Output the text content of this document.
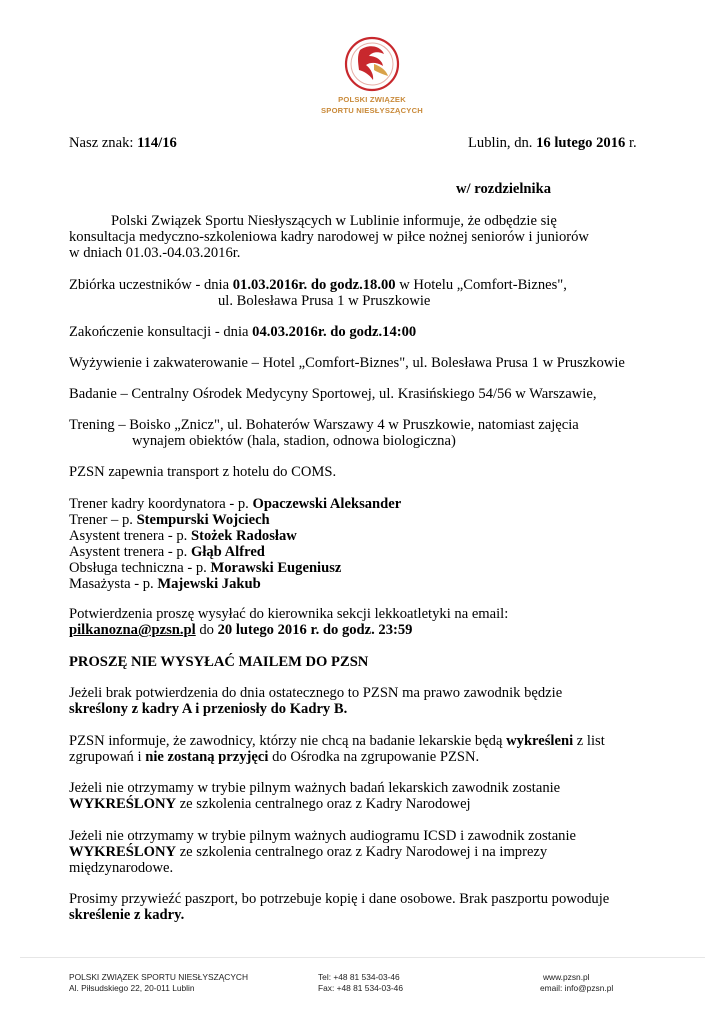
POLSKI ZWIĄZEK
SPORTU NIESŁYSZĄCYCH
Nasz znak: 114/16	Lublin, dn. 16 lutego 2016 r.
w/ rozdzielnika
Polski Związek Sportu Niesłyszących w Lublinie informuje, że odbędzie się
konsultacja medyczno-szkoleniowa kadry narodowej w piłce nożnej seniorów i juniorów
w dniach 01.03.-04.03.2016r.
Zbiórka uczestników - dnia 01.03.2016r. do godz.18.00 w Hotelu „Comfort-Biznes",
ul. Bolesława Prusa 1 w Pruszkowie
Zakończenie konsultacji - dnia 04.03.2016r. do godz.14:00
Wyżywienie i zakwaterowanie – Hotel „Comfort-Biznes", ul. Bolesława Prusa 1 w Pruszkowie
Badanie – Centralny Ośrodek Medycyny Sportowej, ul. Krasińskiego 54/56 w Warszawie,
Trening – Boisko „Znicz", ul. Bohaterów Warszawy 4 w Pruszkowie, natomiast zajęcia
wynajem obiektów (hala, stadion, odnowa biologiczna)
PZSN zapewnia transport z hotelu do COMS.
Trener kadry koordynatora - p. Opaczewski Aleksander
Trener – p. Stempurski Wojciech
Asystent trenera - p. Stożek Radosław
Asystent trenera - p. Głąb Alfred
Obsługa techniczna - p. Morawski Eugeniusz
Masażysta - p. Majewski Jakub
Potwierdzenia proszę wysyłać do kierownika sekcji lekkoatletyki na email:
pilkanozna@pzsn.pl do 20 lutego 2016 r. do godz. 23:59
PROSZĘ NIE WYSYŁAĆ MAILEM DO PZSN
Jeżeli brak potwierdzenia do dnia ostatecznego to PZSN ma prawo zawodnik będzie
skreślony z kadry A i przeniosły do Kadry B.
PZSN informuje, że zawodnicy, którzy nie chcą na badanie lekarskie będą wykreśleni z list
zgrupowań i nie zostaną przyjęci do Ośrodka na zgrupowanie PZSN.
Jeżeli nie otrzymamy w trybie pilnym ważnych badań lekarskich zawodnik zostanie
WYKREŚLONY ze szkolenia centralnego oraz z Kadry Narodowej
Jeżeli nie otrzymamy w trybie pilnym ważnych audiogramu ICSD i zawodnik zostanie
WYKREŚLONY ze szkolenia centralnego oraz z Kadry Narodowej i na imprezy
międzynarodowe.
Prosimy przywieźć paszport, bo potrzebuje kopię i dane osobowe. Brak paszportu powoduje
skreślenie z kadry.
POLSKI ZWIĄZEK SPORTU NIESŁYSZĄCYCH
Al. Piłsudskiego 22, 20-011 Lublin
Tel: +48 81 534-03-46
Fax: +48 81 534-03-46
www.pzsn.pl
email: info@pzsn.pl
